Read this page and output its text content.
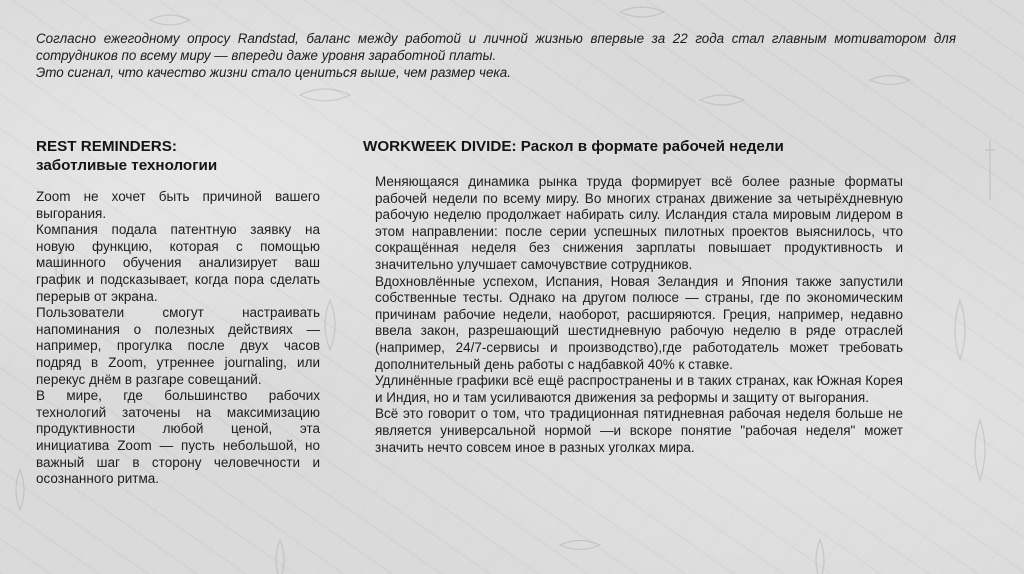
Согласно ежегодному опросу Randstad, баланс между работой и личной жизнью впервые за 22 года стал главным мотиватором для сотрудников по всему миру — впереди даже уровня заработной платы.

Это сигнал, что качество жизни стало цениться выше, чем размер чека.

REST REMINDERS:
заботливые технологии

Zoom не хочет быть причиной вашего выгорания.

Компания подала патентную заявку на новую функцию, которая с помощью машинного обучения анализирует ваш график и подсказывает, когда пора сделать перерыв от экрана.

Пользователи смогут настраивать напоминания о полезных действиях — например, прогулка после двух часов подряд в Zoom, утреннее journaling, или перекус днём в разгаре совещаний.

В мире, где большинство рабочих технологий заточены на максимизацию продуктивности любой ценой, эта инициатива Zoom — пусть небольшой, но важный шаг в сторону человечности и осознанного ритма.

WORKWEEK DIVIDE: Раскол в формате рабочей недели

Меняющаяся динамика рынка труда формирует всё более разные форматы рабочей недели по всему миру. Во многих странах движение за четырёхдневную рабочую неделю продолжает набирать силу. Исландия стала мировым лидером в этом направлении: после серии успешных пилотных проектов выяснилось, что сокращённая неделя без снижения зарплаты повышает продуктивность и значительно улучшает самочувствие сотрудников.

Вдохновлённые успехом, Испания, Новая Зеландия и Япония также запустили собственные тесты. Однако на другом полюсе — страны, где по экономическим причинам рабочие недели, наоборот, расширяются. Греция, например, недавно ввела закон, разрешающий шестидневную рабочую неделю в ряде отраслей (например, 24/7-сервисы и производство),где работодатель может требовать дополнительный день работы с надбавкой 40% к ставке.

Удлинённые графики всё ещё распространены и в таких странах, как Южная Корея и Индия, но и там усиливаются движения за реформы и защиту от выгорания.

Всё это говорит о том, что традиционная пятидневная рабочая неделя больше не является универсальной нормой —и вскоре понятие "рабочая неделя" может значить нечто совсем иное в разных уголках мира.
